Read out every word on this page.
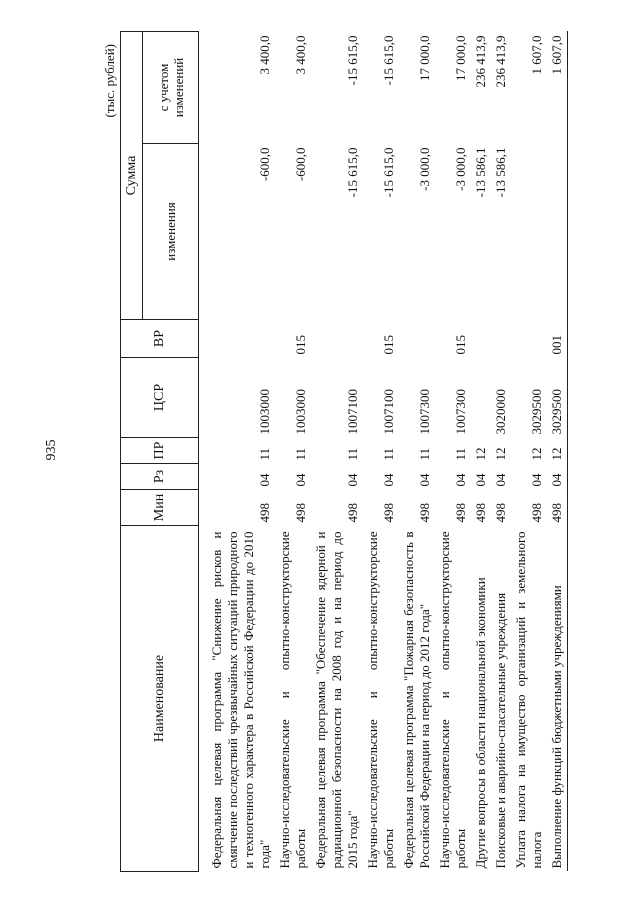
935
(тыс. рублей)
Наименование	Мин	Рз	ПР	ЦСР	ВР	Сумма	
						изменения	с учетом изменений
Федеральная целевая программа "Снижение рисков и смягчение последствий чрезвычайных ситуаций природного и техногенного характера в Российской Федерации до 2010 года"	498	04	11	1003000		-600,0	3 400,0
Научно-исследовательские и опытно-конструкторские работы	498	04	11	1003000	015	-600,0	3 400,0
Федеральная целевая программа "Обеспечение ядерной и радиационной безопасности на 2008 год и на период до 2015 года"	498	04	11	1007100		-15 615,0	-15 615,0
Научно-исследовательские и опытно-конструкторские работы	498	04	11	1007100	015	-15 615,0	-15 615,0
Федеральная целевая программа "Пожарная безопасность в Российской Федерации на период до 2012 года"	498	04	11	1007300		-3 000,0	17 000,0
Научно-исследовательские и опытно-конструкторские работы	498	04	11	1007300	015	-3 000,0	17 000,0
Другие вопросы в области национальной экономики	498	04	12			-13 586,1	236 413,9
Поисковые и аварийно-спасательные учреждения	498	04	12	3020000		-13 586,1	236 413,9
Уплата налога на имущество организаций и земельного налога	498	04	12	3029500			1 607,0
Выполнение функций бюджетными учреждениями	498	04	12	3029500	001		1 607,0
